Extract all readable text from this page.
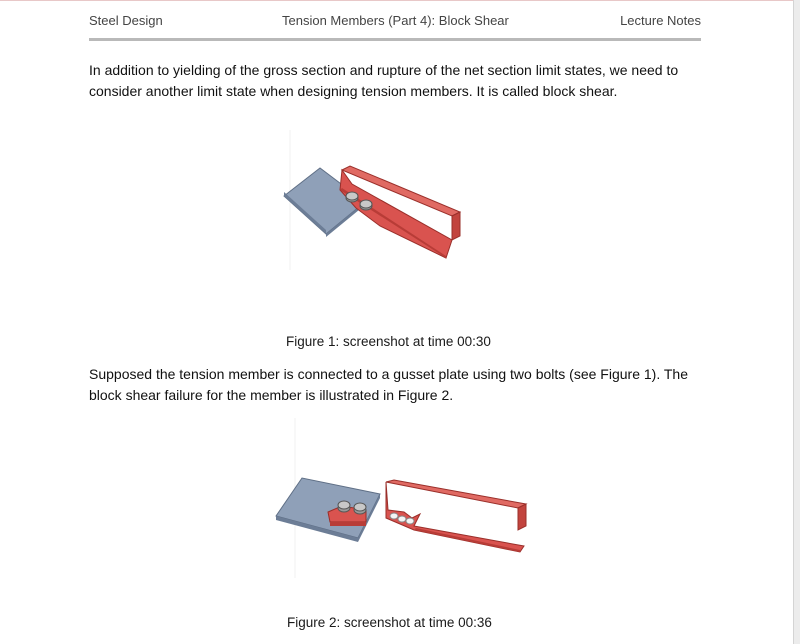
Steel Design	Tension Members (Part 4): Block Shear	Lecture Notes
In addition to yielding of the gross section and rupture of the net section limit states, we need to consider another limit state when designing tension members. It is called block shear.
Figure 1: screenshot at time 00:30
Supposed the tension member is connected to a gusset plate using two bolts (see Figure 1). The block shear failure for the member is illustrated in Figure 2.
Figure 2: screenshot at time 00:36
